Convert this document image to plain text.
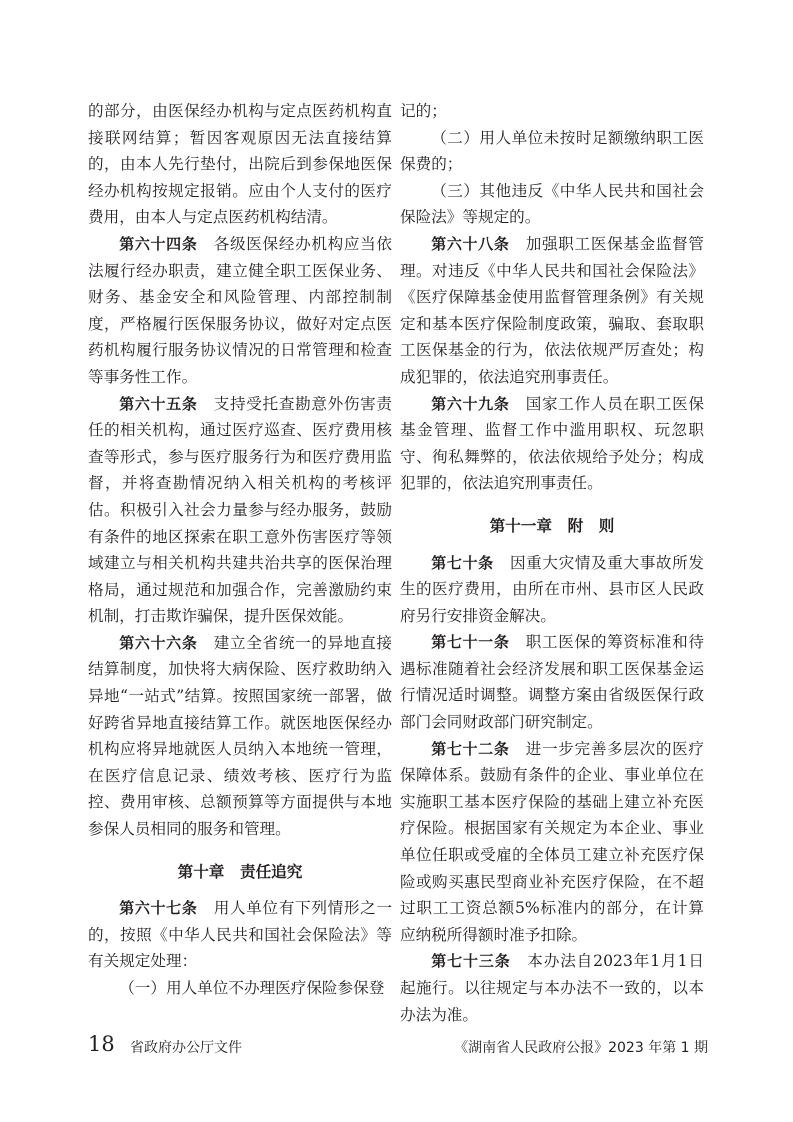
的部分，由医保经办机构与定点医药机构直接联网结算；暂因客观原因无法直接结算的，由本人先行垫付，出院后到参保地医保经办机构按规定报销。应由个人支付的医疗费用，由本人与定点医药机构结清。

第六十四条　 各级医保经办机构应当依法履行经办职责，建立健全职工医保业务、财务、基金安全和风险管理、内部控制制度，严格履行医保服务协议，做好对定点医药机构履行服务协议情况的日常管理和检查等事务性工作。

第六十五条　 支持受托查勘意外伤害责任的相关机构，通过医疗巡查、医疗费用核查等形式，参与医疗服务行为和医疗费用监督，并将查勘情况纳入相关机构的考核评估。积极引入社会力量参与经办服务，鼓励有条件的地区探索在职工意外伤害医疗等领域建立与相关机构共建共治共享的医保治理格局，通过规范和加强合作，完善激励约束机制，打击欺诈骗保，提升医保效能。

第六十六条　 建立全省统一的异地直接结算制度，加快将大病保险、医疗救助纳入异地“一站式”结算。按照国家统一部署，做好跨省异地直接结算工作。就医地医保经办机构应将异地就医人员纳入本地统一管理，在医疗信息记录、绩效考核、医疗行为监控、费用审核、总额预算等方面提供与本地参保人员相同的服务和管理。

第十章　责任追究

第六十七条　 用人单位有下列情形之一的，按照《中华人民共和国社会保险法》等有关规定处理：

（一）用人单位不办理医疗保险参保登

记的；

（二）用人单位未按时足额缴纳职工医保费的；

（三）其他违反《中华人民共和国社会保险法》等规定的。

第六十八条　 加强职工医保基金监督管理。对违反《中华人民共和国社会保险法》《医疗保障基金使用监督管理条例》有关规定和基本医疗保险制度政策，骗取、套取职工医保基金的行为，依法依规严厉查处；构成犯罪的，依法追究刑事责任。

第六十九条　 国家工作人员在职工医保基金管理、监督工作中滥用职权、玩忽职守、徇私舞弊的，依法依规给予处分；构成犯罪的，依法追究刑事责任。

第十一章　附　则

第七十条　 因重大灾情及重大事故所发生的医疗费用，由所在市州、县市区人民政府另行安排资金解决。

第七十一条　 职工医保的筹资标准和待遇标准随着社会经济发展和职工医保基金运行情况适时调整。调整方案由省级医保行政部门会同财政部门研究制定。

第七十二条　 进一步完善多层次的医疗保障体系。鼓励有条件的企业、事业单位在实施职工基本医疗保险的基础上建立补充医疗保险。根据国家有关规定为本企业、事业单位任职或受雇的全体员工建立补充医疗保险或购买惠民型商业补充医疗保险，在不超过职工工资总额5%标准内的部分，在计算应纳税所得额时准予扣除。

第七十三条　 本办法自2023年1月1日起施行。以往规定与本办法不一致的，以本办法为准。

18 省政府办公厅文件	《湖南省人民政府公报》2023 年第 1 期
